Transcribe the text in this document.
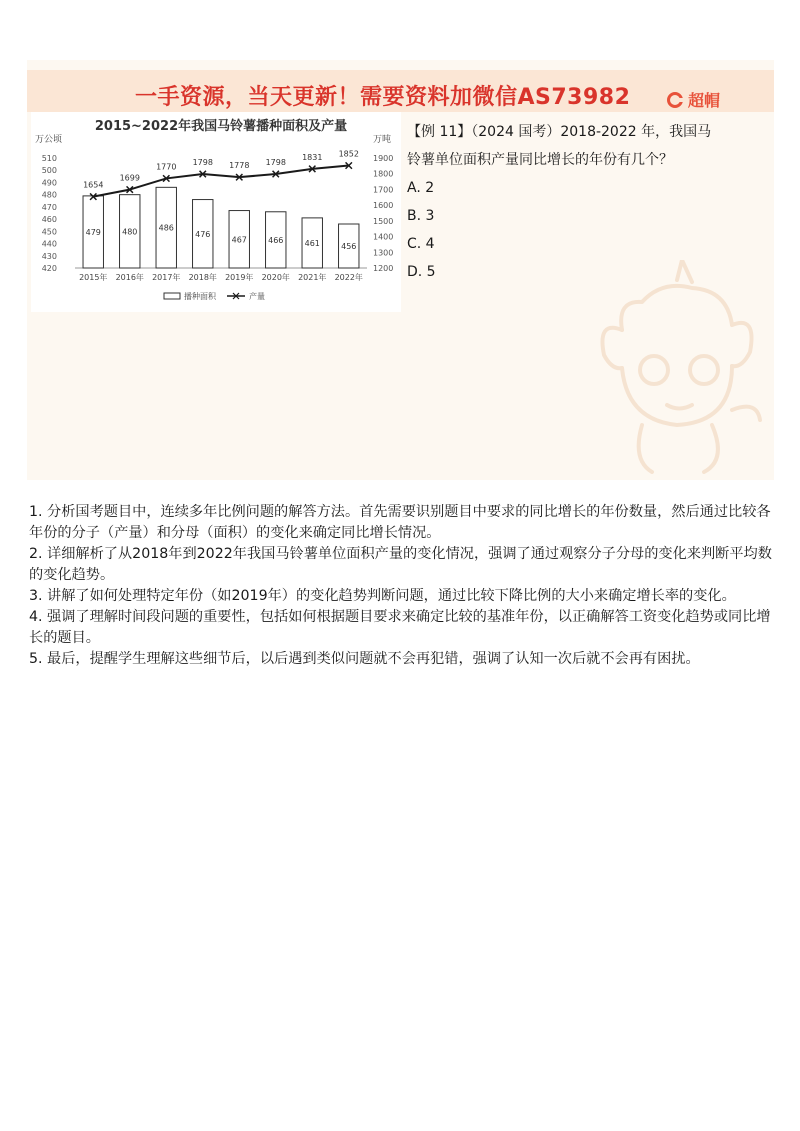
一手资源，当天更新！需要资料加微信AS73982	超帽
2015~2022年我国马铃薯播种面积及产量
万公顷	万吨
420
430
440
450
460
470
480
490
500
510
1200
1300
1400
1500
1600
1700
1800
1900
479	480	486
476
467	466	461	456
2015年 2016年 2017年 2018年 2019年 2020年 2021年 2022年
1654
1699
1770 1798 1778 1798
1831 1852
播种面积	产量
【例 11】（2024 国考）2018-2022 年，我国马
铃薯单位面积产量同比增长的年份有几个？
A. 2
B. 3
C. 4
D. 5

1. 分析国考题目中，连续多年比例问题的解答方法。首先需要识别题目中要求的同比增长的年份数量，然后通过比较各年份的分子（产量）和分母（面积）的变化来确定同比增长情况。

2. 详细解析了从2018年到2022年我国马铃薯单位面积产量的变化情况，强调了通过观察分子分母的变化来判断平均数的变化趋势。

3. 讲解了如何处理特定年份（如2019年）的变化趋势判断问题，通过比较下降比例的大小来确定增长率的变化。

4. 强调了理解时间段问题的重要性，包括如何根据题目要求来确定比较的基准年份，以正确解答工资变化趋势或同比增长的题目。

5. 最后，提醒学生理解这些细节后，以后遇到类似问题就不会再犯错，强调了认知一次后就不会再有困扰。
